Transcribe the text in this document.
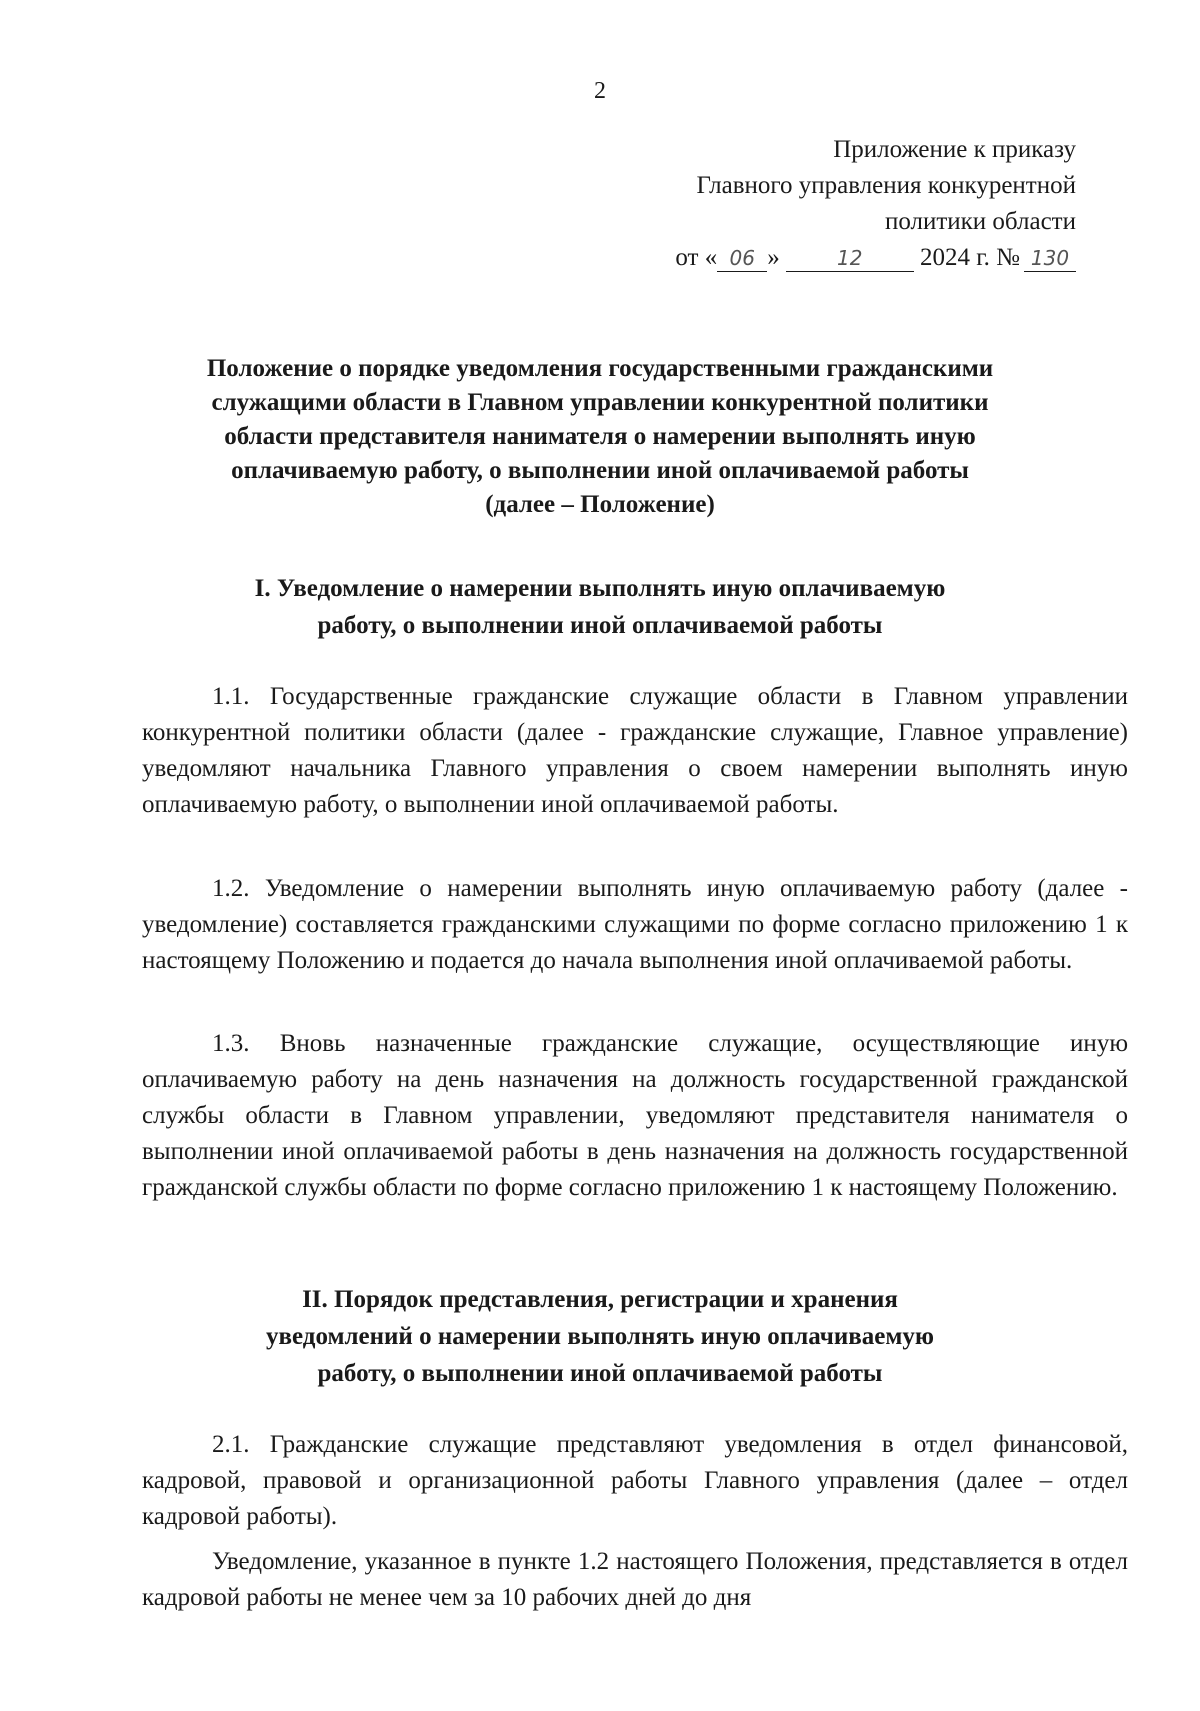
2
Приложение к приказу
Главного управления конкурентной
политики области
от « 06 »	12 2024 г. № 130
Положение о порядке уведомления государственными гражданскими
служащими области в Главном управлении конкурентной политики
области представителя нанимателя о намерении выполнять иную
оплачиваемую работу, о выполнении иной оплачиваемой работы
(далее – Положение)
I. Уведомление о намерении выполнять иную оплачиваемую
работу, о выполнении иной оплачиваемой работы

1.1. Государственные гражданские служащие области в Главном управлении конкурентной политики области (далее - гражданские служащие, Главное управление) уведомляют начальника Главного управления о своем намерении выполнять иную оплачиваемую работу, о выполнении иной оплачиваемой работы.

1.2. Уведомление о намерении выполнять иную оплачиваемую работу (далее - уведомление) составляется гражданскими служащими по форме согласно приложению 1 к настоящему Положению и подается до начала выполнения иной оплачиваемой работы.

1.3. Вновь назначенные гражданские служащие, осуществляющие иную оплачиваемую работу на день назначения на должность государственной гражданской службы области в Главном управлении, уведомляют представителя нанимателя о выполнении иной оплачиваемой работы в день назначения на должность государственной гражданской службы области по форме согласно приложению 1 к настоящему Положению.

II. Порядок представления, регистрации и хранения
уведомлений о намерении выполнять иную оплачиваемую
работу, о выполнении иной оплачиваемой работы

2.1. Гражданские служащие представляют уведомления в отдел финансовой, кадровой, правовой и организационной работы Главного управления (далее – отдел кадровой работы).

Уведомление, указанное в пункте 1.2 настоящего Положения, представляется в отдел кадровой работы не менее чем за 10 рабочих дней до дня
